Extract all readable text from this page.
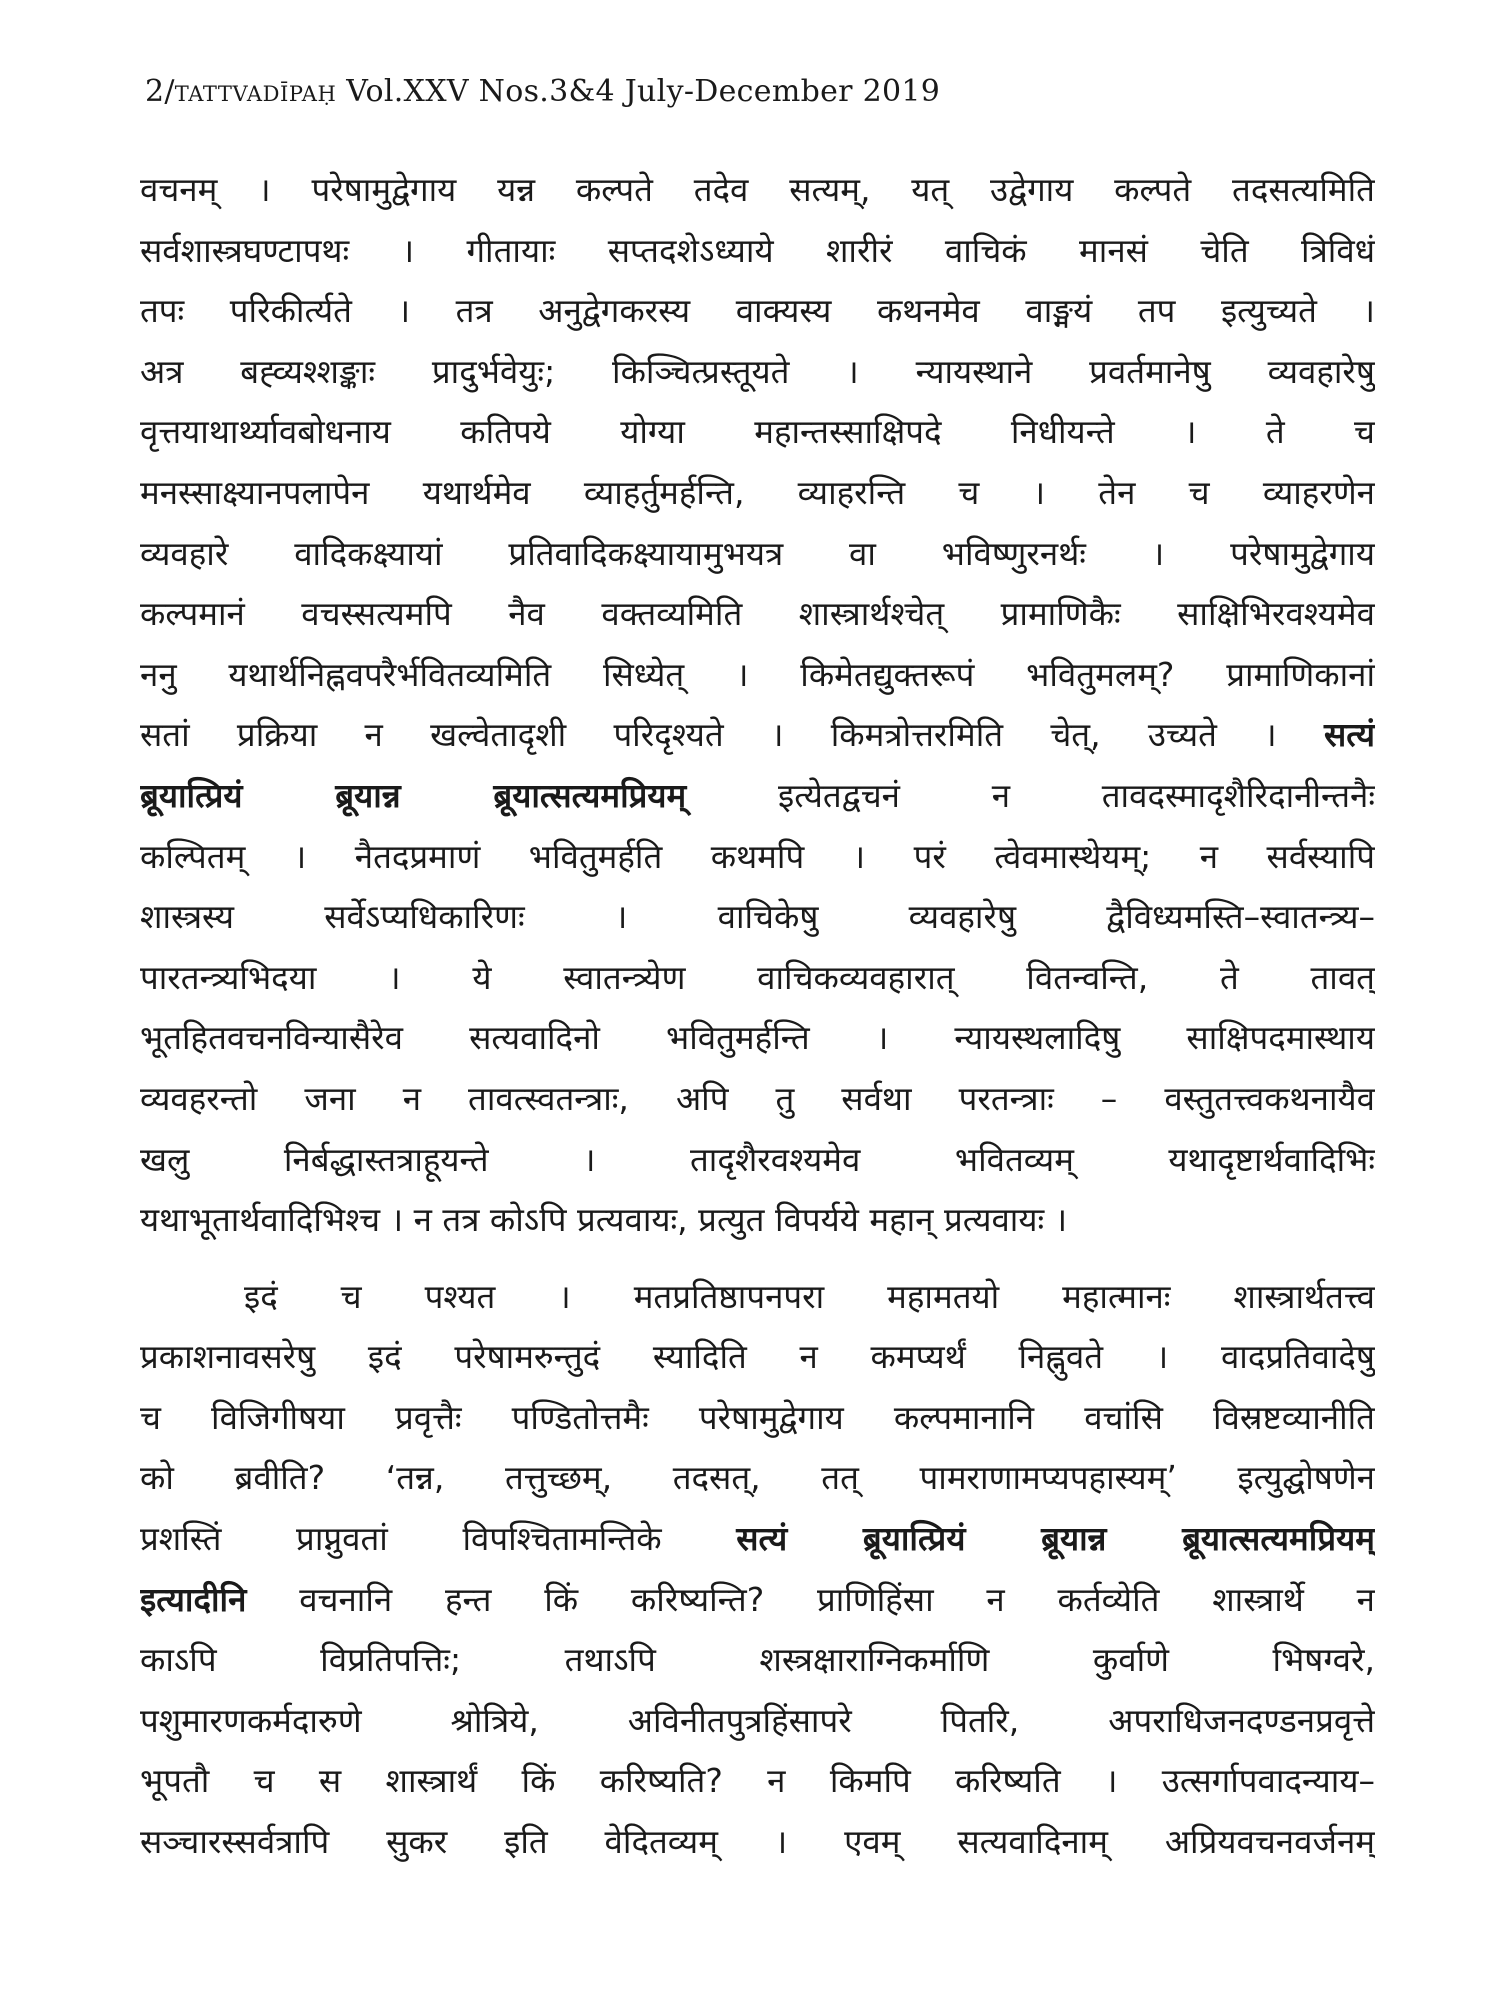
2/TATTVADĪPAḤ Vol.XXV Nos.3&4 July-December 2019
वचनम् । परेषामुद्वेगाय यन्न कल्पते तदेव सत्यम्, यत् उद्वेगाय कल्पते तदसत्यमिति
सर्वशास्त्रघण्टापथः । गीतायाः सप्तदशेऽध्याये शारीरं वाचिकं मानसं चेति त्रिविधं
तपः परिकीर्त्यते । तत्र अनुद्वेगकरस्य वाक्यस्य कथनमेव वाङ्मयं तप इत्युच्यते ।
अत्र बह्व्यश्शङ्काः प्रादुर्भवेयुः; किञ्चित्प्रस्तूयते । न्यायस्थाने प्रवर्तमानेषु व्यवहारेषु
वृत्तयाथार्थ्यावबोधनाय कतिपये योग्या महान्तस्साक्षिपदे निधीयन्ते । ते च
मनस्साक्ष्यानपलापेन यथार्थमेव व्याहर्तुमर्हन्ति, व्याहरन्ति च । तेन च व्याहरणेन
व्यवहारे वादिकक्ष्यायां प्रतिवादिकक्ष्यायामुभयत्र वा भविष्णुरनर्थः । परेषामुद्वेगाय
कल्पमानं वचस्सत्यमपि नैव वक्तव्यमिति शास्त्रार्थश्चेत् प्रामाणिकैः साक्षिभिरवश्यमेव
ननु यथार्थनिह्नवपरैर्भवितव्यमिति सिध्येत् । किमेतद्युक्तरूपं भवितुमलम्? प्रामाणिकानां
सतां प्रक्रिया न खल्वेतादृशी परिदृश्यते । किमत्रोत्तरमिति चेत्, उच्यते । सत्यं
ब्रूयात्प्रियं ब्रूयान्न ब्रूयात्सत्यमप्रियम्	इत्येतद्वचनं न तावदस्मादृशैरिदानीन्तनैः
कल्पितम् । नैतदप्रमाणं भवितुमर्हति कथमपि । परं त्वेवमास्थेयम्; न सर्वस्यापि
शास्त्रस्य सर्वेऽप्यधिकारिणः । वाचिकेषु व्यवहारेषु द्वैविध्यमस्ति–स्वातन्त्र्य–
पारतन्त्र्यभिदया । ये स्वातन्त्र्येण वाचिकव्यवहारात् वितन्वन्ति, ते तावत्
भूतहितवचनविन्यासैरेव सत्यवादिनो भवितुमर्हन्ति । न्यायस्थलादिषु साक्षिपदमास्थाय
व्यवहरन्तो जना न तावत्स्वतन्त्राः, अपि तु सर्वथा परतन्त्राः – वस्तुतत्त्वकथनायैव
खलु निर्बद्धास्तत्राहूयन्ते । तादृशैरवश्यमेव भवितव्यम् यथादृष्टार्थवादिभिः
यथाभूतार्थवादिभिश्च । न तत्र कोऽपि प्रत्यवायः, प्रत्युत विपर्यये महान् प्रत्यवायः ।
इदं च पश्यत । मतप्रतिष्ठापनपरा महामतयो महात्मानः शास्त्रार्थतत्त्व
प्रकाशनावसरेषु इदं परेषामरुन्तुदं स्यादिति न कमप्यर्थं निह्नुवते । वादप्रतिवादेषु
च विजिगीषया प्रवृत्तैः पण्डितोत्तमैः परेषामुद्वेगाय कल्पमानानि वचांसि विस्रष्टव्यानीति
को ब्रवीति? ‘तन्न, तत्तुच्छम्, तदसत्, तत् पामराणामप्यपहास्यम्’ इत्युद्घोषणेन
प्रशस्तिं प्राप्नुवतां विपश्चितामन्तिके सत्यं ब्रूयात्प्रियं ब्रूयान्न ब्रूयात्सत्यमप्रियम्
इत्यादीनि वचनानि हन्त किं करिष्यन्ति? प्राणिहिंसा न कर्तव्येति शास्त्रार्थे न
काऽपि विप्रतिपत्तिः; तथाऽपि शस्त्रक्षाराग्निकर्माणि कुर्वाणे भिषग्वरे,
पशुमारणकर्मदारुणे श्रोत्रिये, अविनीतपुत्रहिंसापरे पितरि, अपराधिजनदण्डनप्रवृत्ते
भूपतौ च स शास्त्रार्थं किं करिष्यति? न किमपि करिष्यति । उत्सर्गापवादन्याय–
सञ्चारस्सर्वत्रापि सुकर इति वेदितव्यम् । एवम् सत्यवादिनाम् अप्रियवचनवर्जनम्
